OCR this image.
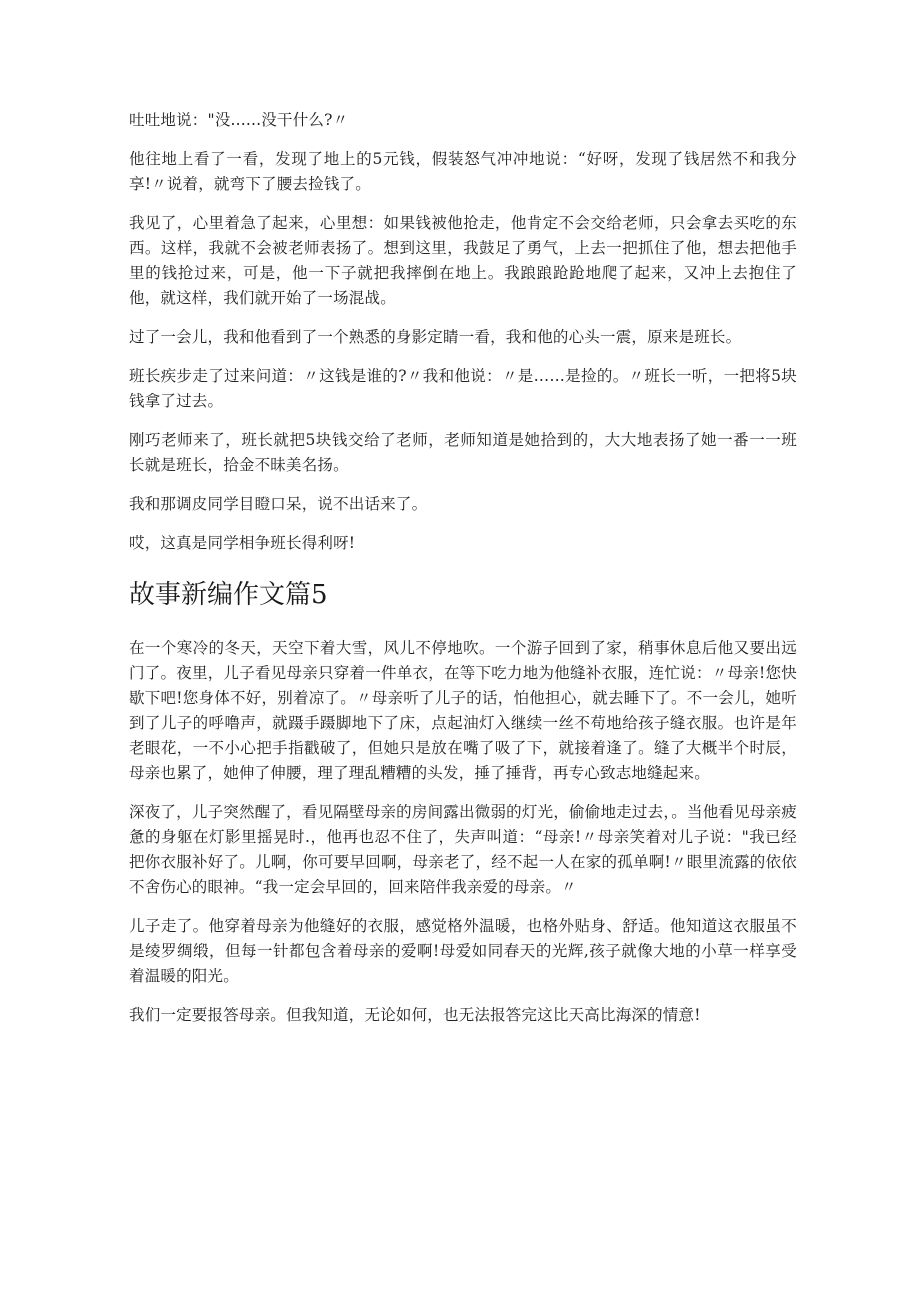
吐吐地说："没......没干什么?〃

他往地上看了一看，发现了地上的5元钱，假装怒气冲冲地说：“好呀，发现了钱居然不和我分享!〃说着，就弯下了腰去捡钱了。

我见了，心里着急了起来，心里想：如果钱被他抢走，他肯定不会交给老师，只会拿去买吃的东西。这样，我就不会被老师表扬了。想到这里，我鼓足了勇气，上去一把抓住了他，想去把他手里的钱抢过来，可是，他一下子就把我摔倒在地上。我踉踉跄跄地爬了起来，又冲上去抱住了他，就这样，我们就开始了一场混战。

过了一会儿，我和他看到了一个熟悉的身影定睛一看，我和他的心头一震，原来是班长。

班长疾步走了过来问道：〃这钱是谁的?〃我和他说：〃是……是捡的。〃班长一听，一把将5块钱拿了过去。

刚巧老师来了，班长就把5块钱交给了老师，老师知道是她拾到的，大大地表扬了她一番一一班长就是班长，拾金不昧美名扬。

我和那调皮同学目瞪口呆，说不出话来了。

哎，这真是同学相争班长得利呀!

故事新编作文篇5

在一个寒冷的冬天，天空下着大雪，风儿不停地吹。一个游子回到了家，稍事休息后他又要出远门了。夜里，儿子看见母亲只穿着一件单衣，在等下吃力地为他缝补衣服，连忙说：〃母亲!您快歇下吧!您身体不好，别着凉了。〃母亲听了儿子的话，怕他担心，就去睡下了。不一会儿，她听到了儿子的呼噜声，就蹑手蹑脚地下了床，点起油灯入继续一丝不苟地给孩子缝衣服。也许是年老眼花，一不小心把手指戳破了，但她只是放在嘴了吸了下，就接着逢了。缝了大概半个时辰，母亲也累了，她伸了伸腰，理了理乱糟糟的头发，捶了捶背，再专心致志地缝起来。

深夜了，儿子突然醒了，看见隔壁母亲的房间露出微弱的灯光，偷偷地走过去，。当他看见母亲疲惫的身躯在灯影里摇晃时.，他再也忍不住了，失声叫道：“母亲!〃母亲笑着对儿子说："我已经把你衣服补好了。儿啊，你可要早回啊，母亲老了，经不起一人在家的孤单啊!〃眼里流露的依依不舍伤心的眼神。“我一定会早回的，回来陪伴我亲爱的母亲。〃

儿子走了。他穿着母亲为他缝好的衣服，感觉格外温暖，也格外贴身、舒适。他知道这衣服虽不是绫罗绸缎，但每一针都包含着母亲的爱啊!母爱如同春天的光辉,孩子就像大地的小草一样享受着温暖的阳光。

我们一定要报答母亲。但我知道，无论如何，也无法报答完这比天高比海深的情意!
